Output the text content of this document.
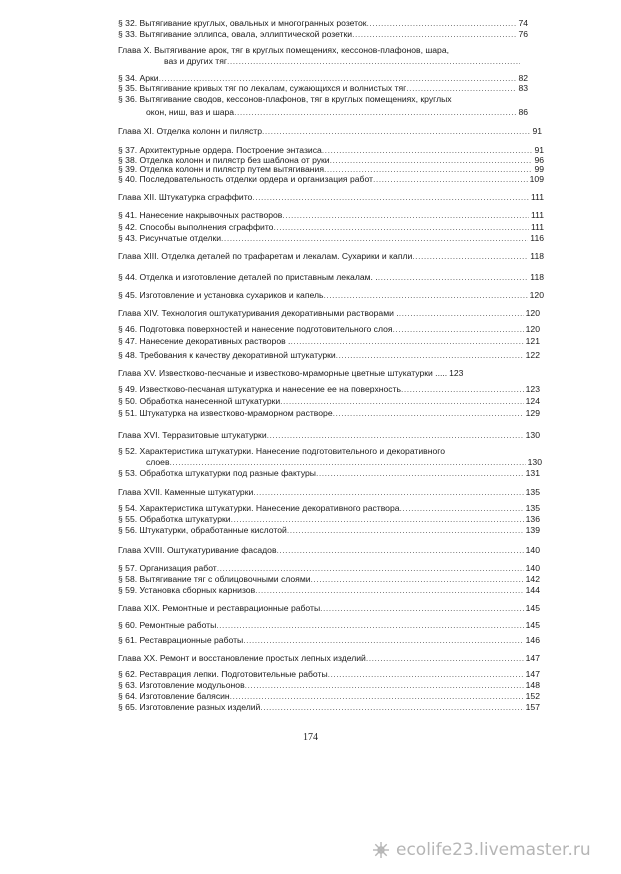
§ 32. Вытягивание круглых, овальных и многогранных розеток .....	74
§ 33. Вытягивание эллипса, овала, эллиптической розетки .....	76
Глава X. Вытягивание арок, тяг в круглых помещениях, кессонов-плафонов, шара,
ваз и других тяг
.....
§ 34. Арки .....	82
§ 35. Вытягивание кривых тяг по лекалам, сужающихся и волнистых тяг .....	83
§ 36. Вытягивание сводов, кессонов-плафонов, тяг в круглых помещениях, круглых
окон, ниш, ваз и шара .....	86
Глава XI. Отделка колонн и пилястр .....	91
§ 37. Архитектурные ордера. Построение энтазиса .....	91
§ 38. Отделка колонн и пилястр без шаблона от руки .....	96
§ 39. Отделка колонн и пилястр путем вытягивания .....	99
§ 40. Последовательность отделки ордера и организация работ .....	109
Глава XII. Штукатурка сграффито .....	111
§ 41. Нанесение накрывочных растворов .....	111
§ 42. Способы выполнения сграффито .....	111
§ 43. Рисунчатые отделки .....	116
Глава XIII. Отделка деталей по трафаретам и лекалам. Сухарики и капли .....	118
§ 44. Отделка и изготовление деталей по приставным лекалам. . .....	118
§ 45. Изготовление и установка сухариков и капель .....	120
Глава XIV. Технология оштукатуривания декоративными растворами . .....	120
§ 46. Подготовка поверхностей и нанесение подготовительного слоя .....	120
§ 47. Нанесение декоративных растворов . .....	121
§ 48. Требования к качеству декоративной штукатурки .....	122
Глава XV. Известково-песчаные и известково-мраморные цветные штукатурки ..... 123
§ 49. Известково-песчаная штукатурка и нанесение ее на поверхность .....	123
§ 50. Обработка нанесенной штукатурки .....	124
§ 51. Штукатурка на известково-мраморном растворе .....	129
Глава XVI. Терразитовые штукатурки .....	130
§ 52. Характеристика штукатурки. Нанесение подготовительного и декоративного
слоев .....	130
§ 53. Обработка штукатурки под разные фактуры .....	131
Глава XVII. Каменные штукатурки .....	135
§ 54. Характеристика штукатурки. Нанесение декоративного раствора .....	135
§ 55. Обработка штукатурки .....	136
§ 56. Штукатурки, обработанные кислотой .....	139
Глава XVIII. Оштукатуривание фасадов .....	140
§ 57. Организация работ .....	140
§ 58. Вытягивание тяг с облицовочными слоями .....	142
§ 59. Установка сборных карнизов .....	144
Глава XIX. Ремонтные и реставрационные работы .....	145
§ 60. Ремонтные работы .....	145
§ 61. Реставрационные работы .....	146
Глава XX. Ремонт и восстановление простых лепных изделий .....	147
§ 62. Реставрация лепки. Подготовительные работы .....	147
§ 63. Изготовление модульонов .....	148
§ 64. Изготовление балясин .....	152
§ 65. Изготовление разных изделий .....	157
174
ecolife23.livemaster.ru
